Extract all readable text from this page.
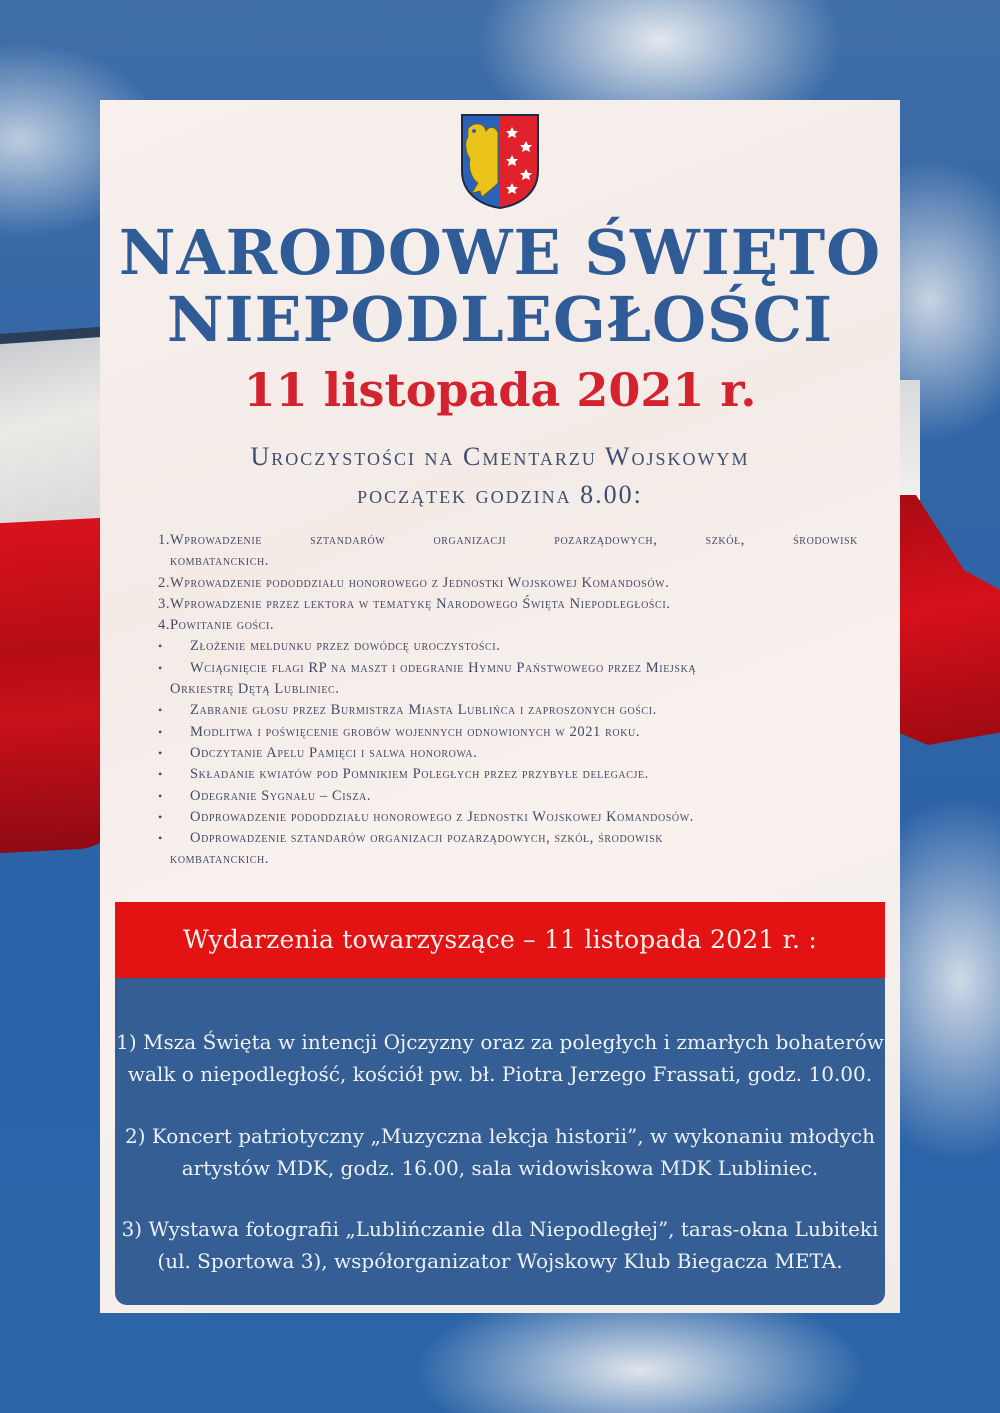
NARODOWE ŚWIĘTO
NIEPODLEGŁOŚCI
11 listopada 2021 r.
Uroczystości na Cmentarzu Wojskowym
początek godzina 8.00:
1. Wprowadzenie sztandarów organizacji pozarządowych, szkół, środowisk
kombatanckich.
2. Wprowadzenie pododdziału honorowego z Jednostki Wojskowej Komandosów.
3. Wprowadzenie przez lektora w tematykę Narodowego Święta Niepodległości.
4. Powitanie gości.
•	Złożenie meldunku przez dowódcę uroczystości.
•	Wciągnięcie flagi RP na maszt i odegranie Hymnu Państwowego przez Miejską
Orkiestrę Dętą Lubliniec.
•	Zabranie głosu przez Burmistrza Miasta Lublińca i zaproszonych gości.
•	Modlitwa i poświęcenie grobów wojennych odnowionych w 2021 roku.
•	Odczytanie Apelu Pamięci i salwa honorowa.
•	Składanie kwiatów pod Pomnikiem Poległych przez przybyłe delegacje.
•	Odegranie Sygnału – Cisza.
•	Odprowadzenie pododdziału honorowego z Jednostki Wojskowej Komandosów.
•	Odprowadzenie sztandarów organizacji pozarządowych, szkół, środowisk
kombatanckich.
Wydarzenia towarzyszące – 11 listopada 2021 r. :
1) Msza Święta w intencji Ojczyzny oraz za poległych i zmarłych bohaterów
walk o niepodległość, kościół pw. bł. Piotra Jerzego Frassati, godz. 10.00.
2) Koncert patriotyczny „Muzyczna lekcja historii”, w wykonaniu młodych
artystów MDK, godz. 16.00, sala widowiskowa MDK Lubliniec.
3) Wystawa fotografii „Lublińczanie dla Niepodległej”, taras-okna Lubiteki
(ul. Sportowa 3), współorganizator Wojskowy Klub Biegacza META.
